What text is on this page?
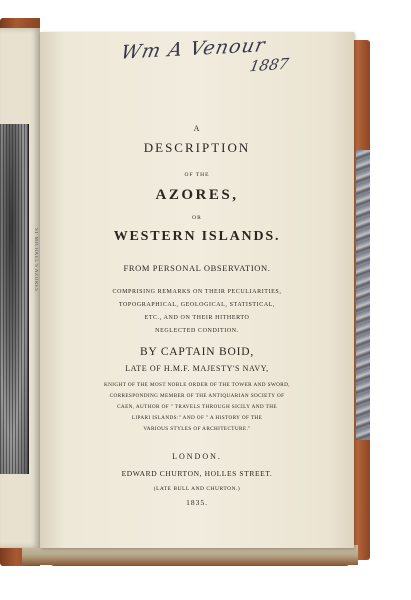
ST MICHAEL'S AZORES
Wm A Venour
1887
A
DESCRIPTION
OF THE
AZORES,
OR
WESTERN ISLANDS.
FROM PERSONAL OBSERVATION.
COMPRISING REMARKS ON THEIR PECULIARITIES,
TOPOGRAPHICAL, GEOLOGICAL, STATISTICAL,
ETC., AND ON THEIR HITHERTO
NEGLECTED CONDITION.
BY CAPTAIN BOID,
LATE OF H.M.F. MAJESTY'S NAVY,
KNIGHT OF THE MOST NOBLE ORDER OF THE TOWER AND SWORD,
CORRESPONDING MEMBER OF THE ANTIQUARIAN SOCIETY OF
CAEN, AUTHOR OF " TRAVELS THROUGH SICILY AND THE
LIPARI ISLANDS:" AND OF " A HISTORY OF THE
VARIOUS STYLES OF ARCHITECTURE."
LONDON.
EDWARD CHURTON, HOLLES STREET.
(LATE BULL AND CHURTON.)
1835.
